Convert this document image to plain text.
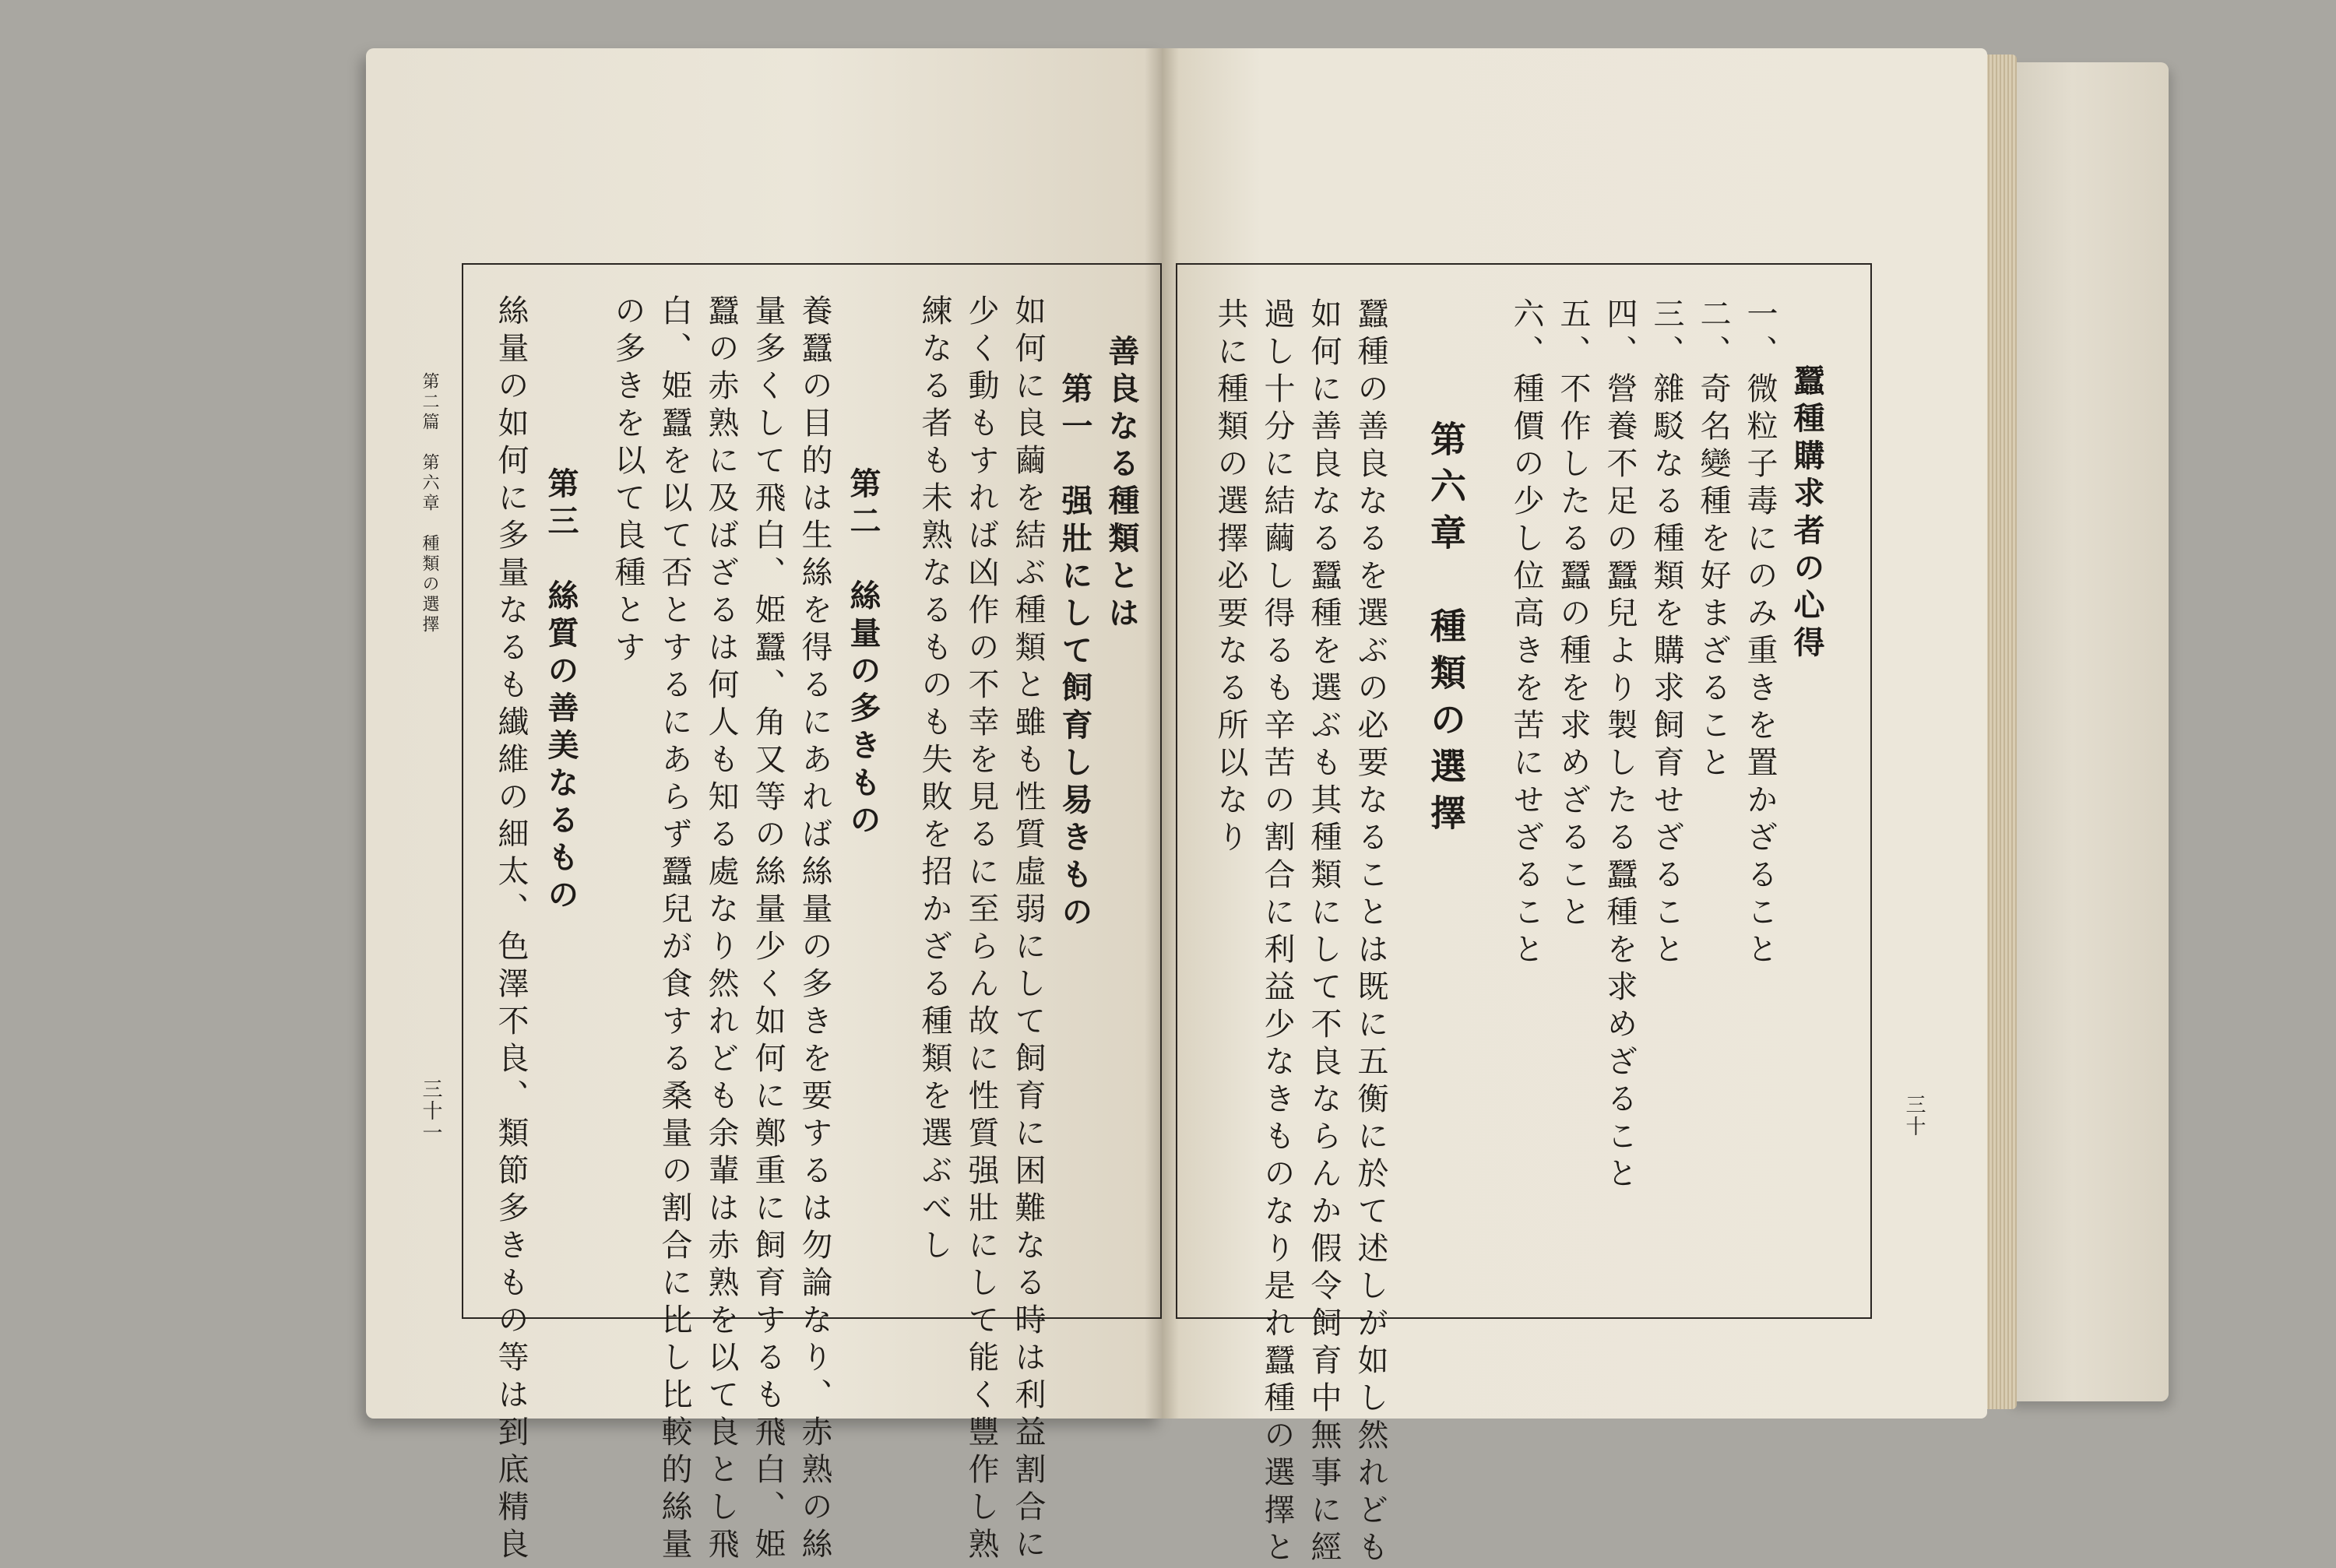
第二篇　第六章　種類の選擇
三十一
善良なる種類とは
第一　强壯にして飼育し易きもの
如何に良繭を結ぶ種類と雖も性質虛弱にして飼育に困難なる時は利益割合に
少く動もすれば凶作の不幸を見るに至らん故に性質强壯にして能く豐作し熟
練なる者も未熟なるものも失敗を招かざる種類を選ぶべし
第二　絲量の多きもの
養蠶の目的は生絲を得るにあれば絲量の多きを要するは勿論なり、赤熟の絲
量多くして飛白、姫蠶、角又等の絲量少く如何に鄭重に飼育するも飛白、姫
蠶の赤熟に及ばざるは何人も知る處なり然れども余輩は赤熟を以て良とし飛
白、姫蠶を以て否とするにあらず蠶兒が食する桑量の割合に比し比較的絲量
の多きを以て良種とす
第三　絲質の善美なるもの
絲量の如何に多量なるも纎維の細太、色澤不良、類節多きもの等は到底精良	三十
蠶種購求者の心得
一、微粒子毒にのみ重きを置かざること
二、奇名變種を好まざること
三、雜駁なる種類を購求飼育せざること
四、營養不足の蠶兒より製したる蠶種を求めざること
五、不作したる蠶の種を求めざること
六、種價の少し位高きを苦にせざること
第六章　種類の選擇
蠶種の善良なるを選ぶの必要なることは既に五衡に於て述しが如し然れども
如何に善良なる蠶種を選ぶも其種類にして不良ならんか假令飼育中無事に經
過し十分に結繭し得るも辛苦の割合に利益少なきものなり是れ蠶種の選擇と
共に種類の選擇必要なる所以なり
